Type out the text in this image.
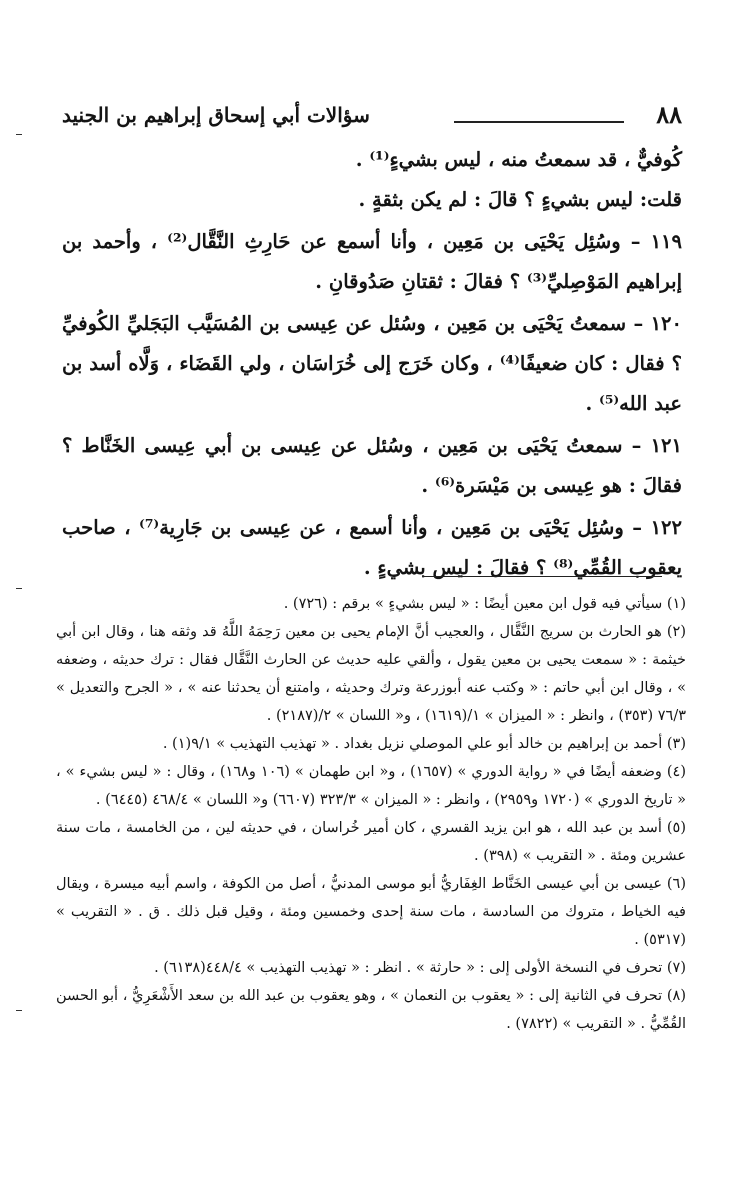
٨٨
سؤالات أبي إسحاق إبراهيم بن الجنيد

كُوفيٌّ ، قد سمعتُ منه ، ليس بشيءٍ⁽¹⁾ .

قلت: ليس بشيءٍ ؟ قالَ : لم يكن بثقةٍ .

١١٩ – وسُئِل يَحْيَى بن مَعِين ، وأنا أسمع عن حَارِثِ النَّقَّال⁽²⁾ ، وأحمد بن إبراهيم المَوْصِليِّ⁽³⁾ ؟ فقالَ : ثقتانِ صَدُوقانِ .

١٢٠ – سمعتُ يَحْيَى بن مَعِين ، وسُئل عن عِيسى بن المُسَيَّب البَجَليِّ الكُوفيِّ ؟ فقال : كان ضعيفًا⁽⁴⁾ ، وكان خَرَج إلى خُرَاسَان ، ولي القَضَاء ، وَلَّاه أسد بن عبد الله⁽⁵⁾ .

١٢١ – سمعتُ يَحْيَى بن مَعِين ، وسُئل عن عِيسى بن أبي عِيسى الخَنَّاط ؟ فقالَ : هو عِيسى بن مَيْسَرة⁽⁶⁾ .

١٢٢ – وسُئِل يَحْيَى بن مَعِين ، وأنا أسمع ، عن عِيسى بن جَارِية⁽⁷⁾ ، صاحب يعقوب القُمِّي⁽⁸⁾ ؟ فقالَ : ليس بشيءٍ .

(١) سيأتي فيه قول ابن معين أيضًا : « ليس بشيءٍ » برقم : (٧٢٦) .

(٢) هو الحارث بن سريج النَّقَّال ، والعجيب أنَّ الإمام يحيى بن معين رَحِمَهُ اللَّهُ قد وثقه هنا ، وقال ابن أبي خيثمة : « سمعت يحيى بن معين يقول ، وألقي عليه حديث عن الحارث النَّقَّال فقال : ترك حديثه ، وضعفه » ، وقال ابن أبي حاتم : « وكتب عنه أبوزرعة وترك وحديثه ، وامتنع أن يحدثنا عنه » ، « الجرح والتعديل » ٧٦/٣ (٣٥٣) ، وانظر : « الميزان » ١/(١٦١٩) ، و« اللسان » ٢/(٢١٨٧) .

(٣) أحمد بن إبراهيم بن خالد أبو علي الموصلي نزيل بغداد . « تهذيب التهذيب » ٩/١(١) .

(٤) وضعفه أيضًا في « رواية الدوري » (١٦٥٧) ، و« ابن طهمان » (١٠٦ و١٦٨) ، وقال : « ليس بشيء » ، « تاريخ الدوري » (١٧٢٠ و٢٩٥٩) ، وانظر : « الميزان » ٣٢٣/٣ (٦٦٠٧) و« اللسان » ٤٦٨/٤ (٦٤٤٥) .

(٥) أسد بن عبد الله ، هو ابن يزيد القسري ، كان أمير خُراسان ، في حديثه لين ، من الخامسة ، مات سنة عشرين ومئة . « التقريب » (٣٩٨) .

(٦) عيسى بن أبي عيسى الخَنَّاط الغِفَاريُّ أبو موسى المدنيُّ ، أصل من الكوفة ، واسم أبيه ميسرة ، ويقال فيه الخياط ، متروك من السادسة ، مات سنة إحدى وخمسين ومئة ، وقيل قبل ذلك . ق . « التقريب » (٥٣١٧) .

(٧) تحرف في النسخة الأولى إلى : « حارثة » . انظر : « تهذيب التهذيب » ٤٤٨/٤(٦١٣٨) .

(٨) تحرف في الثانية إلى : « يعقوب بن النعمان » ، وهو يعقوب بن عبد الله بن سعد الأَشْعَرِيُّ ، أبو الحسن القُمِّيُّ . « التقريب » (٧٨٢٢) .
